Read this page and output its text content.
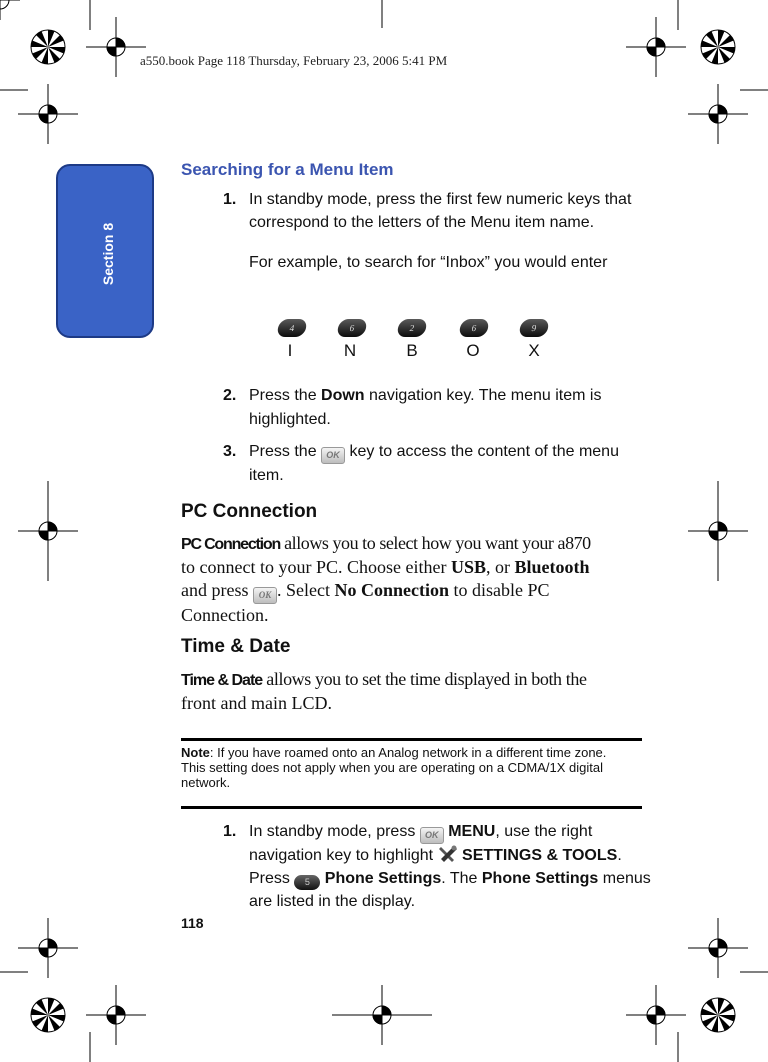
a550.book Page 118 Thursday, February 23, 2006 5:41 PM
Section 8
Searching for a Menu Item
1. In standby mode, press the first few numeric keys that
correspond to the letters of the Menu item name.
For example, to search for “Inbox” you would enter
4	6	2	6	9
I	N	B	O	X
2. Press the Down navigation key. The menu item is
highlighted.
3. Press the OK key to access the content of the menu
item.
PC Connection
PC Connection allows you to select how you want your a870
to connect to your PC. Choose either USB, or Bluetooth
and press OK . Select No Connection to disable PC
Connection.
Time & Date
Time & Date allows you to set the time displayed in both the
front and main LCD.
Note: If you have roamed onto an Analog network in a different time zone.
This setting does not apply when you are operating on a CDMA/1X digital
network.
1. In standby mode, press OK MENU, use the right
navigation key to highlight  SETTINGS & TOOLS.
Press 5 Phone Settings. The Phone Settings menus
are listed in the display.
118
